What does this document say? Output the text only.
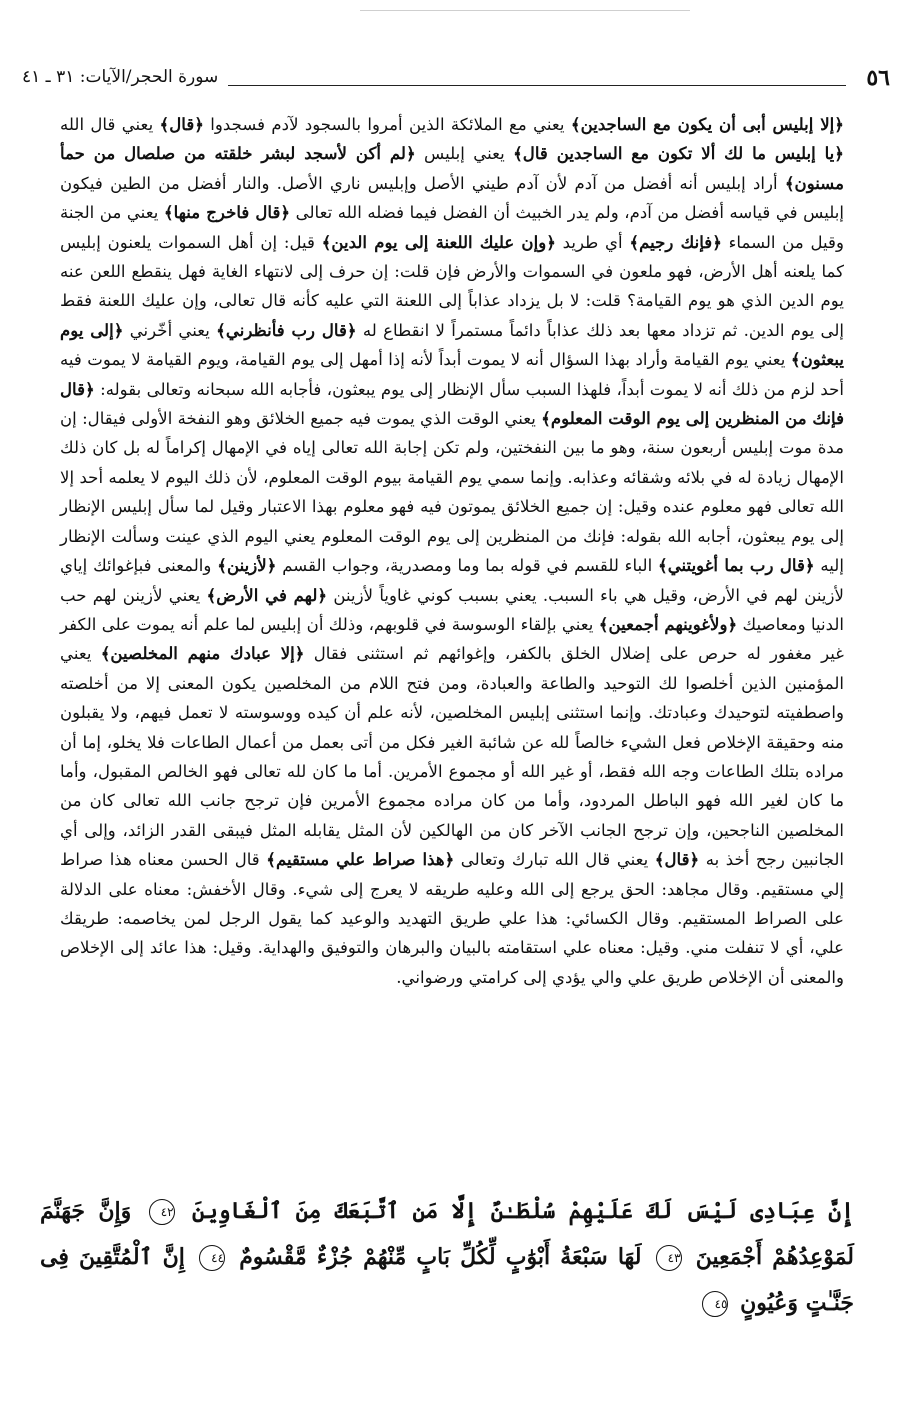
٥٦
سورة الحجر/الآيات: ٣١ ـ ٤١

﴿إلا إبليس أبى أن يكون مع الساجدين﴾ يعني مع الملائكة الذين أمروا بالسجود لآدم فسجدوا ﴿قال﴾ يعني قال الله ﴿يا إبليس ما لك ألا تكون مع الساجدين قال﴾ يعني إبليس ﴿لم أكن لأسجد لبشر خلقته من صلصال من حمأ مسنون﴾ أراد إبليس أنه أفضل من آدم لأن آدم طيني الأصل وإبليس ناري الأصل. والنار أفضل من الطين فيكون إبليس في قياسه أفضل من آدم، ولم يدر الخبيث أن الفضل فيما فضله الله تعالى ﴿قال فاخرج منها﴾ يعني من الجنة وقيل من السماء ﴿فإنك رجيم﴾ أي طريد ﴿وإن عليك اللعنة إلى يوم الدين﴾ قيل: إن أهل السموات يلعنون إبليس كما يلعنه أهل الأرض، فهو ملعون في السموات والأرض فإن قلت: إن حرف إلى لانتهاء الغاية فهل ينقطع اللعن عنه يوم الدين الذي هو يوم القيامة؟ قلت: لا بل يزداد عذاباً إلى اللعنة التي عليه كأنه قال تعالى، وإن عليك اللعنة فقط إلى يوم الدين. ثم تزداد معها بعد ذلك عذاباً دائماً مستمراً لا انقطاع له ﴿قال رب فأنظرني﴾ يعني أخّرني ﴿إلى يوم يبعثون﴾ يعني يوم القيامة وأراد بهذا السؤال أنه لا يموت أبداً لأنه إذا أمهل إلى يوم القيامة، ويوم القيامة لا يموت فيه أحد لزم من ذلك أنه لا يموت أبداً، فلهذا السبب سأل الإنظار إلى يوم يبعثون، فأجابه الله سبحانه وتعالى بقوله: ﴿قال فإنك من المنظرين إلى يوم الوقت المعلوم﴾ يعني الوقت الذي يموت فيه جميع الخلائق وهو النفخة الأولى فيقال: إن مدة موت إبليس أربعون سنة، وهو ما بين النفختين، ولم تكن إجابة الله تعالى إياه في الإمهال إكراماً له بل كان ذلك الإمهال زيادة له في بلائه وشقائه وعذابه. وإنما سمي يوم القيامة بيوم الوقت المعلوم، لأن ذلك اليوم لا يعلمه أحد إلا الله تعالى فهو معلوم عنده وقيل: إن جميع الخلائق يموتون فيه فهو معلوم بهذا الاعتبار وقيل لما سأل إبليس الإنظار إلى يوم يبعثون، أجابه الله بقوله: فإنك من المنظرين إلى يوم الوقت المعلوم يعني اليوم الذي عينت وسألت الإنظار إليه ﴿قال رب بما أغويتني﴾ الباء للقسم في قوله بما وما ومصدرية، وجواب القسم ﴿لأزينن﴾ والمعنى فبإغوائك إياي لأزينن لهم في الأرض، وقيل هي باء السبب. يعني بسبب كوني غاوياً لأزينن ﴿لهم في الأرض﴾ يعني لأزينن لهم حب الدنيا ومعاصيك ﴿ولأغوينهم أجمعين﴾ يعني بإلقاء الوسوسة في قلوبهم، وذلك أن إبليس لما علم أنه يموت على الكفر غير مغفور له حرص على إضلال الخلق بالكفر، وإغوائهم ثم استثنى فقال ﴿إلا عبادك منهم المخلصين﴾ يعني المؤمنين الذين أخلصوا لك التوحيد والطاعة والعبادة، ومن فتح اللام من المخلصين يكون المعنى إلا من أخلصته واصطفيته لتوحيدك وعبادتك. وإنما استثنى إبليس المخلصين، لأنه علم أن كيده ووسوسته لا تعمل فيهم، ولا يقبلون منه وحقيقة الإخلاص فعل الشيء خالصاً لله عن شائبة الغير فكل من أتى بعمل من أعمال الطاعات فلا يخلو، إما أن مراده بتلك الطاعات وجه الله فقط، أو غير الله أو مجموع الأمرين. أما ما كان لله تعالى فهو الخالص المقبول، وأما ما كان لغير الله فهو الباطل المردود، وأما من كان مراده مجموع الأمرين فإن ترجح جانب الله تعالى كان من المخلصين الناجحين، وإن ترجح الجانب الآخر كان من الهالكين لأن المثل يقابله المثل فيبقى القدر الزائد، وإلى أي الجانبين رجح أخذ به ﴿قال﴾ يعني قال الله تبارك وتعالى ﴿هذا صراط علي مستقيم﴾ قال الحسن معناه هذا صراط إلي مستقيم. وقال مجاهد: الحق يرجع إلى الله وعليه طريقه لا يعرج إلى شيء. وقال الأخفش: معناه على الدلالة على الصراط المستقيم. وقال الكسائي: هذا علي طريق التهديد والوعيد كما يقول الرجل لمن يخاصمه: طريقك علي، أي لا تنفلت مني. وقيل: معناه علي استقامته بالبيان والبرهان والتوفيق والهداية. وقيل: هذا عائد إلى الإخلاص والمعنى أن الإخلاص طريق علي والي يؤدي إلى كرامتي ورضواني.

إِنَّ عِبَادِى لَيْسَ لَكَ عَلَيْهِمْ سُلْطَـٰنٌ إِلَّا مَنِ ٱتَّبَعَكَ مِنَ ٱلْغَاوِينَ ٤٢ وَإِنَّ جَهَنَّمَ لَمَوْعِدُهُمْ أَجْمَعِينَ ٤٣ لَهَا سَبْعَةُ أَبْوَٰبٍ لِّكُلِّ بَابٍ مِّنْهُمْ جُزْءٌ مَّقْسُومٌ ٤٤ إِنَّ ٱلْمُتَّقِينَ فِى جَنَّـٰتٍ وَعُيُونٍ ٤٥
